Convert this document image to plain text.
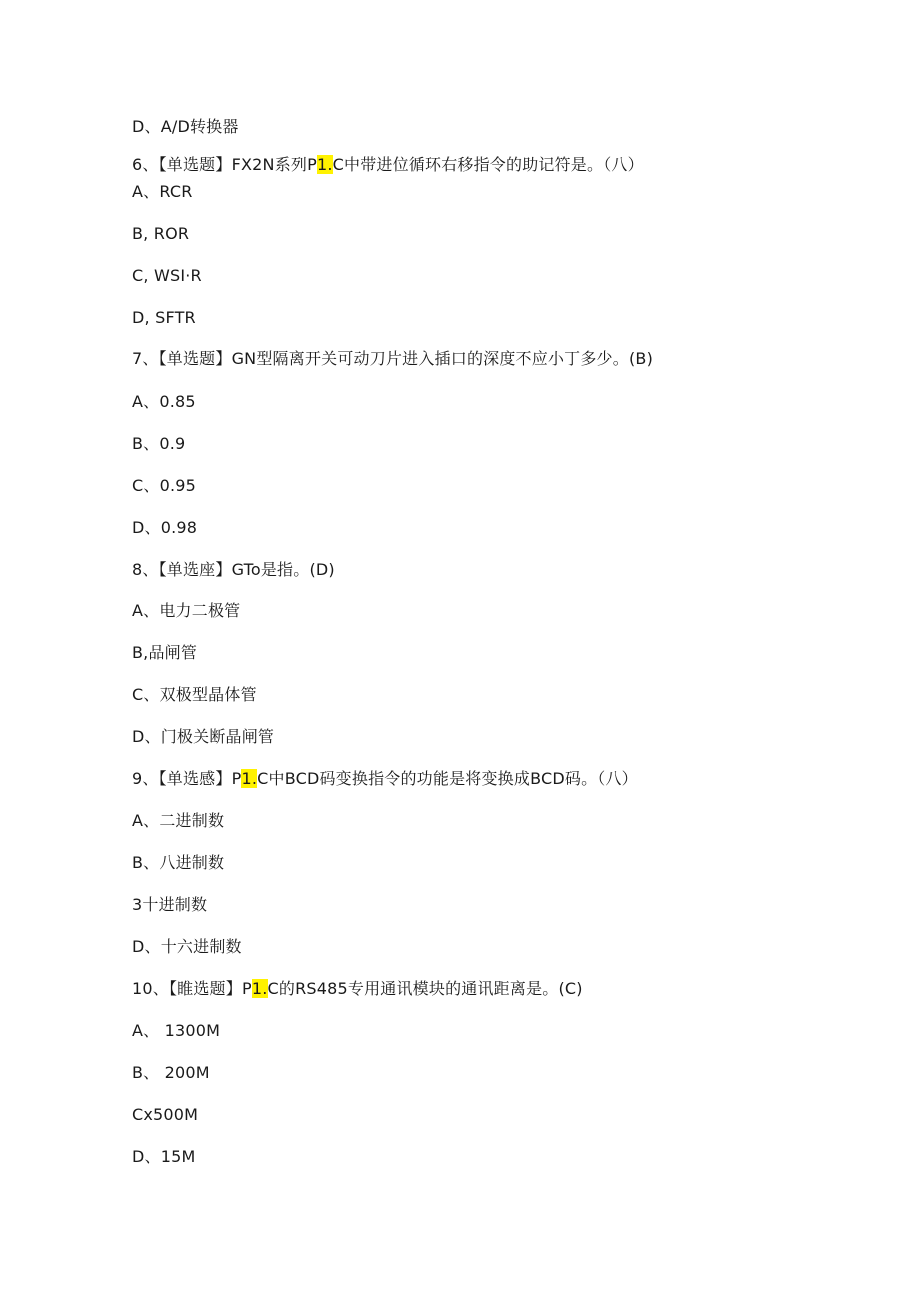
D、A/D转换器
6、【单选题】FX2N系列P1.C中带进位循环右移指令的助记符是。（八）
A、RCR
B, ROR
C, WSI·R
D, SFTR
7、【单选题】GN型隔离开关可动刀片进入插口的深度不应小丁多少。(B)
A、0.85
B、0.9
C、0.95
D、0.98
8、【单选座】GTo是指。(D)
A、电力二极管
B,品闸管
C、双极型晶体管
D、门极关断晶闸管
9、【单选感】P1.C中BCD码变换指令的功能是将变换成BCD码。（八）
A、二进制数
B、八进制数
3十进制数
D、十六进制数
10、【睢选题】P1.C的RS485专用通讯模块的通讯距离是。(C)
A、 1300M
B、 200M
Cx500M
D、15M
